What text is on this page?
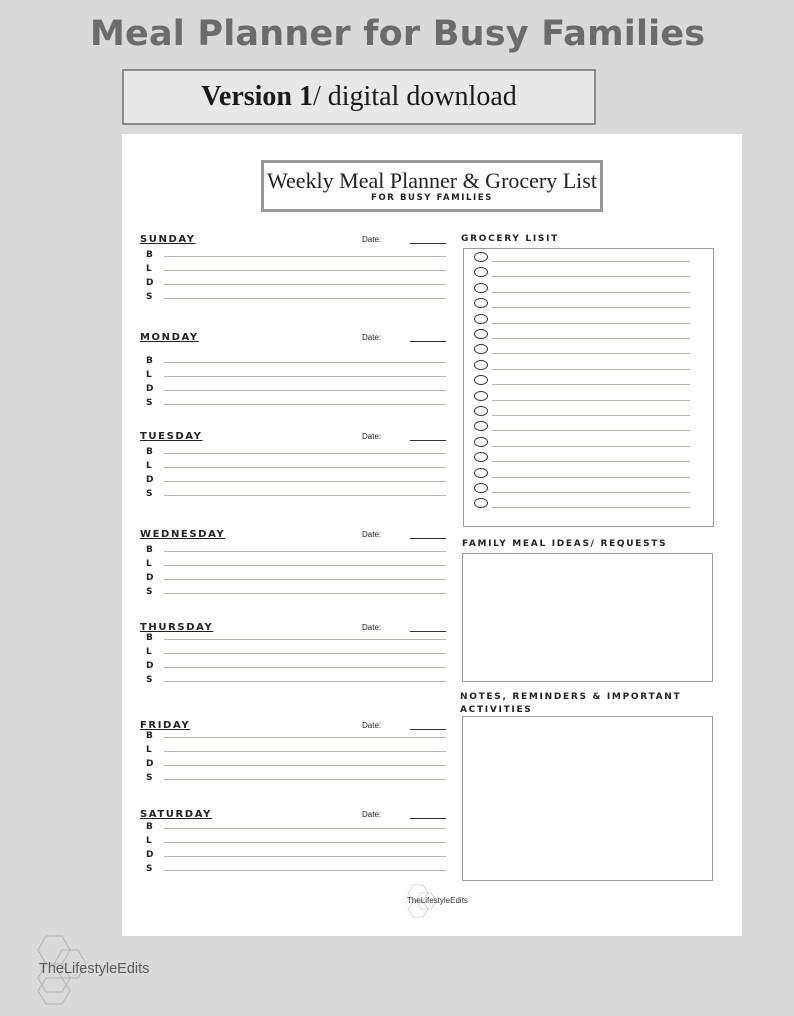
Meal Planner for Busy Families
Version 1 / digital download
Weekly Meal Planner & Grocery List
FOR BUSY FAMILIES
SUNDAY	Date:
B
L
D
S
MONDAY	Date:
B
L
D
S
TUESDAY	Date:
B
L
D
S
WEDNESDAY	Date:
B
L
D
S
THURSDAY	Date:
B
L
D
S
FRIDAY	Date:
B
L
D
S
SATURDAY	Date:
B
L
D
S
GROCERY LISIT
FAMILY MEAL IDEAS/ REQUESTS
NOTES, REMINDERS & IMPORTANT ACTIVITIES
TheLifestyleEdits
TheLifestyleEdits
